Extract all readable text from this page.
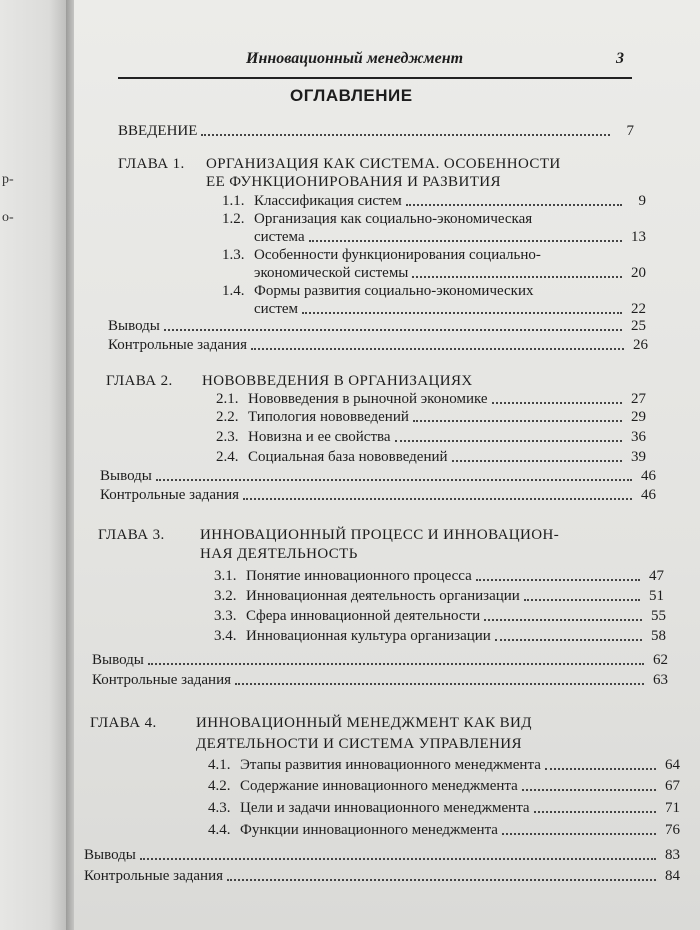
р-
о-
Инновационный менеджмент	3
ОГЛАВЛЕНИЕ
ВВЕДЕНИЕ	7
ГЛАВА 1. ОРГАНИЗАЦИЯ КАК СИСТЕМА. ОСОБЕННОСТИ
ЕЕ ФУНКЦИОНИРОВАНИЯ И РАЗВИТИЯ
1.1. Классификация систем	9
1.2. Организация как социально-экономическая
система	13
1.3. Особенности функционирования социально-
экономической системы	20
1.4. Формы развития социально-экономических
систем	22
Выводы	25
Контрольные задания	26
ГЛАВА 2. НОВОВВЕДЕНИЯ В ОРГАНИЗАЦИЯХ
2.1. Нововведения в рыночной экономике	27
2.2. Типология нововведений	29
2.3. Новизна и ее свойства	36
2.4. Социальная база нововведений	39
Выводы	46
Контрольные задания	46
ГЛАВА 3. ИННОВАЦИОННЫЙ ПРОЦЕСС И ИННОВАЦИОН-
НАЯ ДЕЯТЕЛЬНОСТЬ
3.1. Понятие инновационного процесса	47
3.2. Инновационная деятельность организации	51
3.3. Сфера инновационной деятельности	55
3.4. Инновационная культура организации	58
Выводы	62
Контрольные задания	63
ГЛАВА 4.	ИННОВАЦИОННЫЙ МЕНЕДЖМЕНТ КАК ВИД
ДЕЯТЕЛЬНОСТИ И СИСТЕМА УПРАВЛЕНИЯ
4.1. Этапы развития инновационного менеджмента	64
4.2. Содержание инновационного менеджмента	67
4.3. Цели и задачи инновационного менеджмента	71
4.4. Функции инновационного менеджмента	76
Выводы	83
Контрольные задания	84
